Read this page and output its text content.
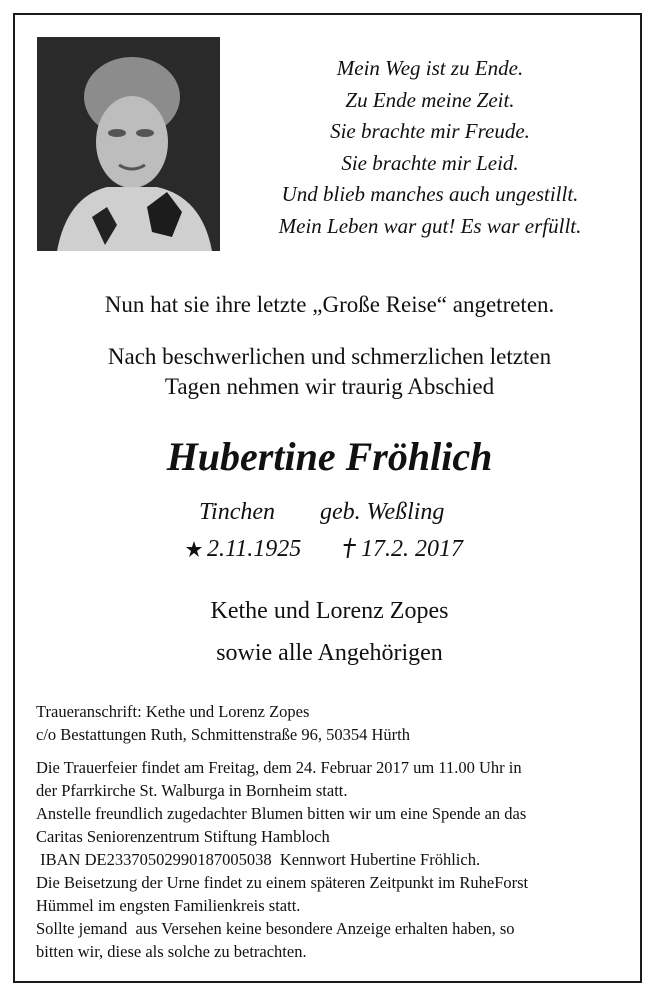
Mein Weg ist zu Ende.
Zu Ende meine Zeit.
Sie brachte mir Freude.
Sie brachte mir Leid.
Und blieb manches auch ungestillt.
Mein Leben war gut! Es war erfüllt.
Nun hat sie ihre letzte „Große Reise“ angetreten.
Nach beschwerlichen und schmerzlichen letzten
Tagen nehmen wir traurig Abschied
Hubertine Fröhlich
Tinchen geb. Weßling
2.11.1925	17.2. 2017
Kethe und Lorenz Zopes
sowie alle Angehörigen
Traueranschrift: Kethe und Lorenz Zopes
c/o Bestattungen Ruth, Schmittenstraße 96, 50354 Hürth
Die Trauerfeier findet am Freitag, dem 24. Februar 2017 um 11.00 Uhr in
der Pfarrkirche St. Walburga in Bornheim statt.
Anstelle freundlich zugedachter Blumen bitten wir um eine Spende an das
Caritas Seniorenzentrum Stiftung Hambloch
IBAN DE23370502990187005038  Kennwort Hubertine Fröhlich.
Die Beisetzung der Urne findet zu einem späteren Zeitpunkt im RuheForst
Hümmel im engsten Familienkreis statt.
Sollte jemand  aus Versehen keine besondere Anzeige erhalten haben, so
bitten wir, diese als solche zu betrachten.
